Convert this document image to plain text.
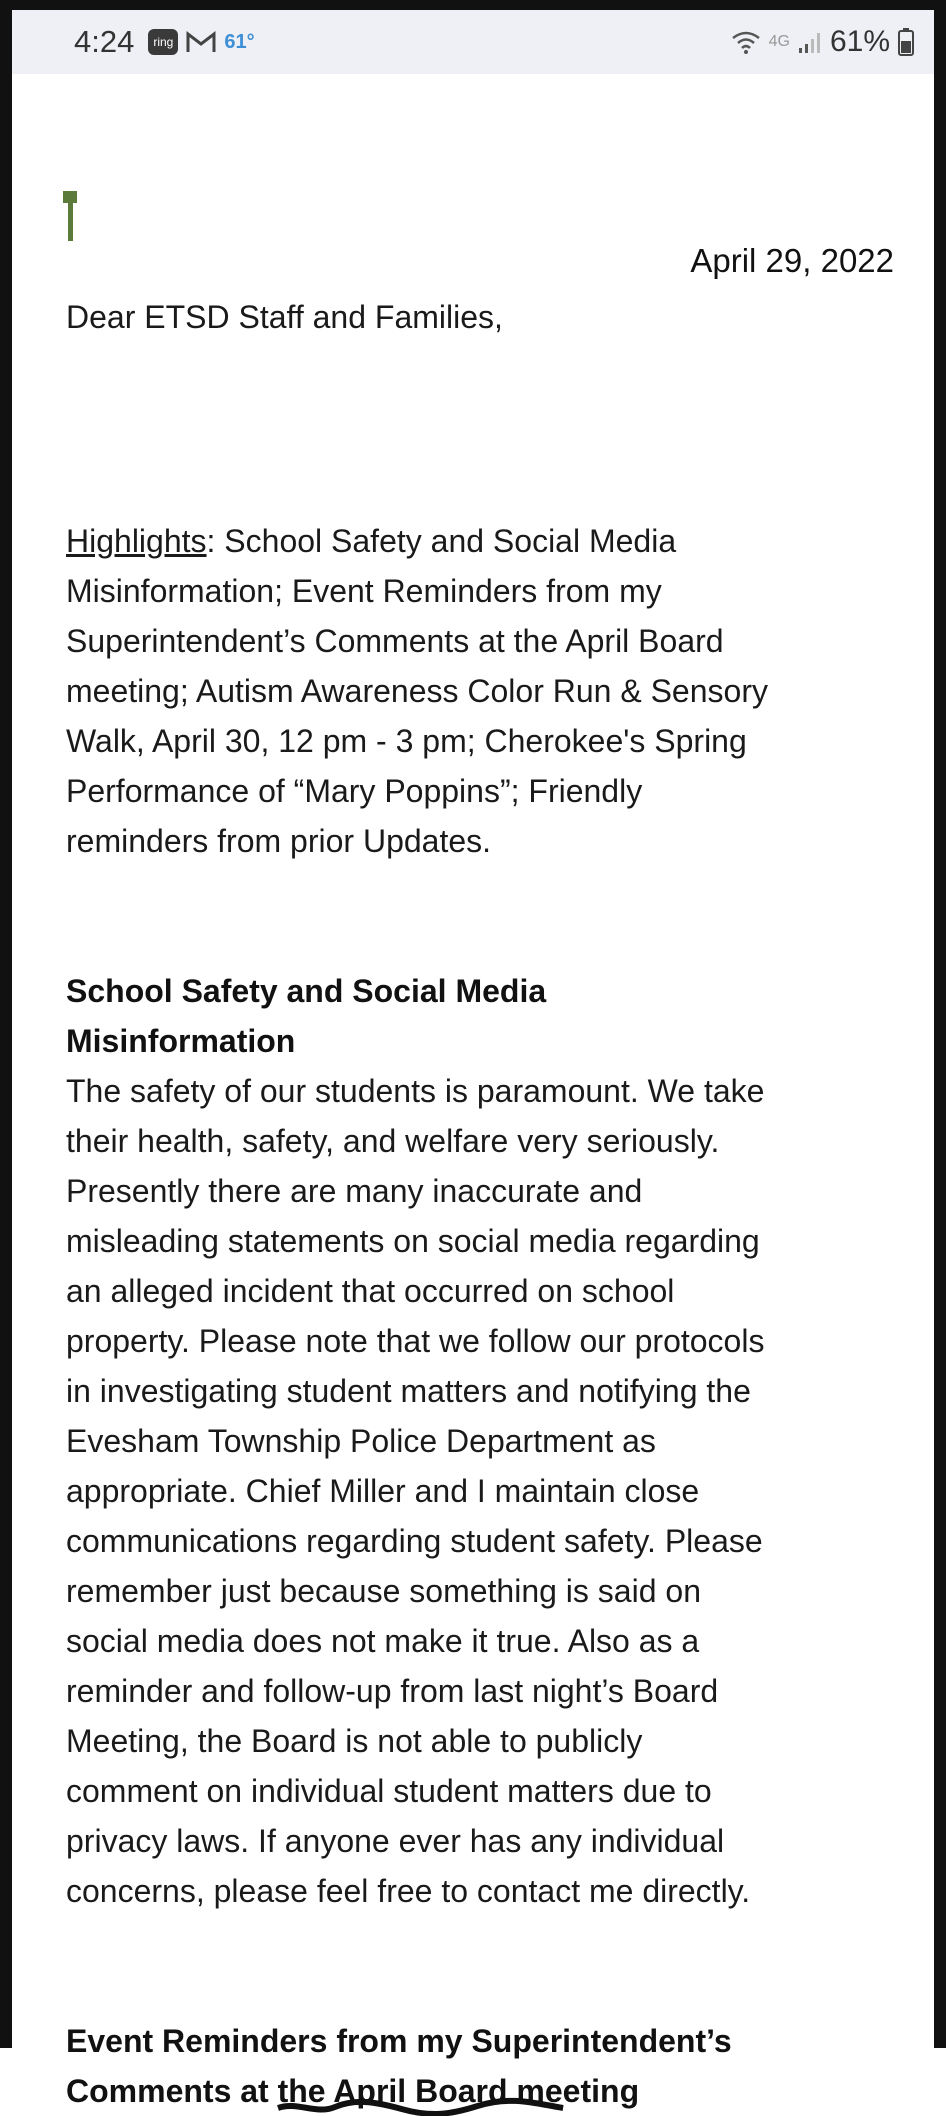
4:24	ring	61°	4G 61%
April 29, 2022
Dear ETSD Staff and Families,
Highlights: School Safety and Social Media
Misinformation; Event Reminders from my
Superintendent’s Comments at the April Board
meeting; Autism Awareness Color Run & Sensory
Walk, April 30, 12 pm - 3 pm; Cherokee's Spring
Performance of “Mary Poppins”; Friendly
reminders from prior Updates.
School Safety and Social Media
Misinformation
The safety of our students is paramount. We take
their health, safety, and welfare very seriously.
Presently there are many inaccurate and
misleading statements on social media regarding
an alleged incident that occurred on school
property. Please note that we follow our protocols
in investigating student matters and notifying the
Evesham Township Police Department as
appropriate. Chief Miller and I maintain close
communications regarding student safety. Please
remember just because something is said on
social media does not make it true. Also as a
reminder and follow-up from last night’s Board
Meeting, the Board is not able to publicly
comment on individual student matters due to
privacy laws. If anyone ever has any individual
concerns, please feel free to contact me directly.
Event Reminders from my Superintendent’s
Comments at the April Board me
eting
